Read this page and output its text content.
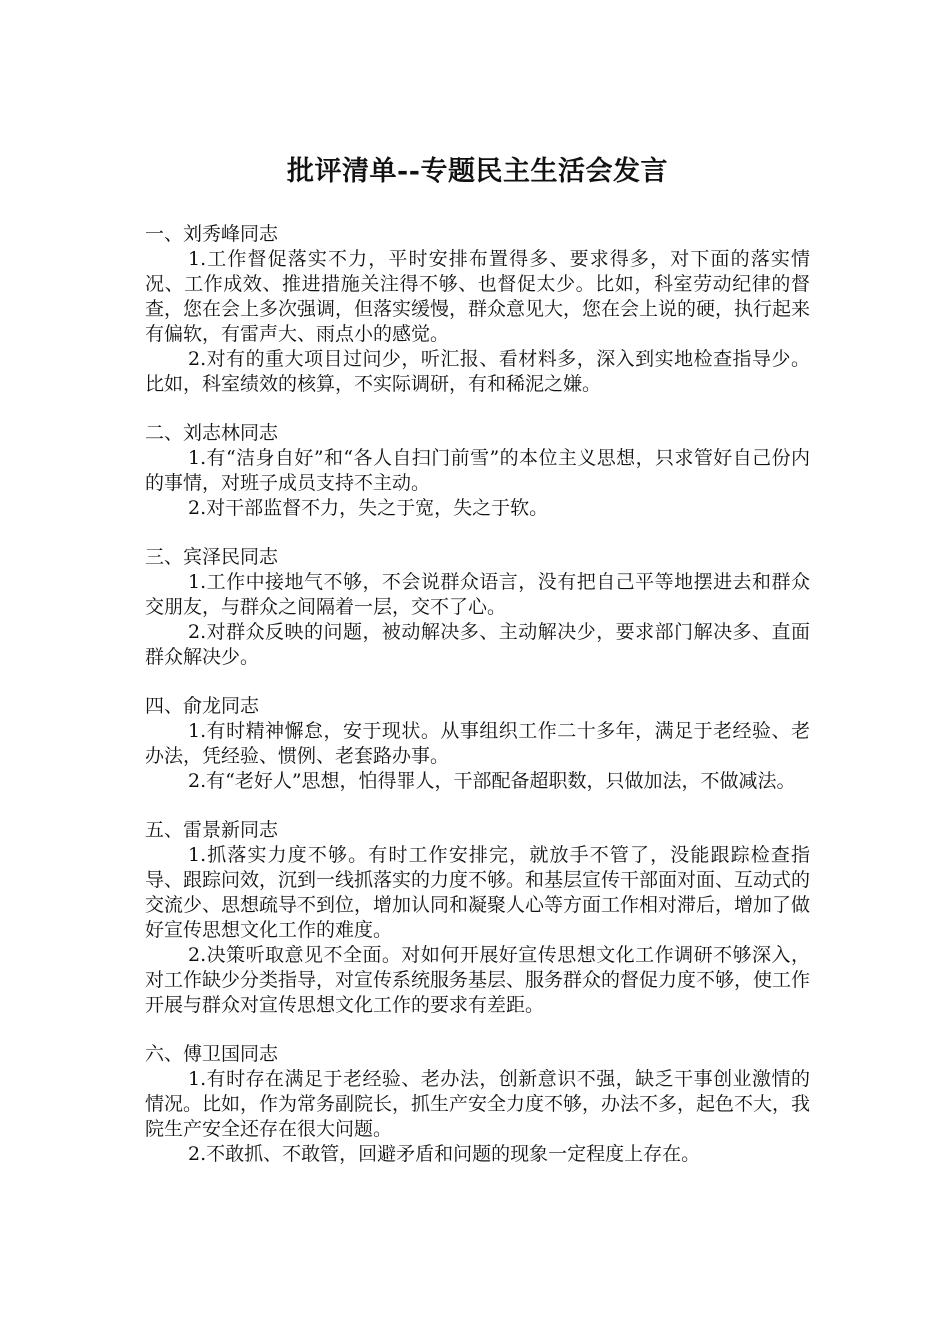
批评清单--专题民主生活会发言

一、刘秀峰同志

1.工作督促落实不力，平时安排布置得多、要求得多，对下面的落实情况、工作成效、推进措施关注得不够、也督促太少。比如，科室劳动纪律的督查，您在会上多次强调，但落实缓慢，群众意见大，您在会上说的硬，执行起来有偏软，有雷声大、雨点小的感觉。

2.对有的重大项目过问少，听汇报、看材料多，深入到实地检查指导少。比如，科室绩效的核算，不实际调研，有和稀泥之嫌。

二、刘志林同志

1.有“洁身自好”和“各人自扫门前雪”的本位主义思想，只求管好自己份内的事情，对班子成员支持不主动。

2.对干部监督不力，失之于宽，失之于软。

三、宾泽民同志

1.工作中接地气不够，不会说群众语言，没有把自己平等地摆进去和群众交朋友，与群众之间隔着一层，交不了心。

2.对群众反映的问题，被动解决多、主动解决少，要求部门解决多、直面群众解决少。

四、俞龙同志

1.有时精神懈怠，安于现状。从事组织工作二十多年，满足于老经验、老办法，凭经验、惯例、老套路办事。

2.有“老好人”思想，怕得罪人，干部配备超职数，只做加法，不做减法。

五、雷景新同志

1.抓落实力度不够。有时工作安排完，就放手不管了，没能跟踪检查指导、跟踪问效，沉到一线抓落实的力度不够。和基层宣传干部面对面、互动式的交流少、思想疏导不到位，增加认同和凝聚人心等方面工作相对滞后，增加了做好宣传思想文化工作的难度。

2.决策听取意见不全面。对如何开展好宣传思想文化工作调研不够深入，对工作缺少分类指导，对宣传系统服务基层、服务群众的督促力度不够，使工作开展与群众对宣传思想文化工作的要求有差距。

六、傅卫国同志

1.有时存在满足于老经验、老办法，创新意识不强，缺乏干事创业激情的情况。比如，作为常务副院长，抓生产安全力度不够，办法不多，起色不大，我院生产安全还存在很大问题。

2.不敢抓、不敢管，回避矛盾和问题的现象一定程度上存在。
